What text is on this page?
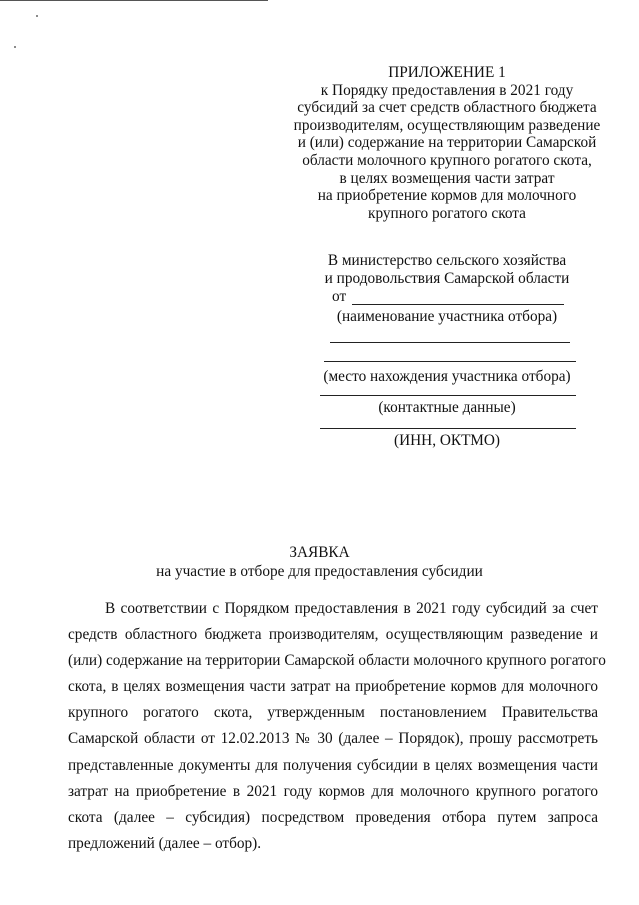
ПРИЛОЖЕНИЕ 1
к Порядку предоставления в 2021 году
субсидий за счет средств областного бюджета
производителям, осуществляющим разведение
и (или) содержание на территории Самарской
области молочного крупного рогатого скота,
в целях возмещения части затрат
на приобретение кормов для молочного
крупного рогатого скота
В министерство сельского хозяйства
и продовольствия Самарской области
от
(наименование участника отбора)
(место нахождения участника отбора)
(контактные данные)
(ИНН, ОКТМО)
ЗАЯВКА
на участие в отборе для предоставления субсидии
В соответствии с Порядком предоставления в 2021 году субсидий за счет
средств областного бюджета производителям, осуществляющим разведение и
(или) содержание на территории Самарской области молочного крупного рогатого
скота, в целях возмещения части затрат на приобретение кормов для молочного
крупного рогатого скота, утвержденным постановлением Правительства
Самарской области от 12.02.2013 № 30 (далее – Порядок), прошу рассмотреть
представленные документы для получения субсидии в целях возмещения части
затрат на приобретение в 2021 году кормов для молочного крупного рогатого
скота (далее – субсидия) посредством проведения отбора путем запроса
предложений (далее – отбор).
